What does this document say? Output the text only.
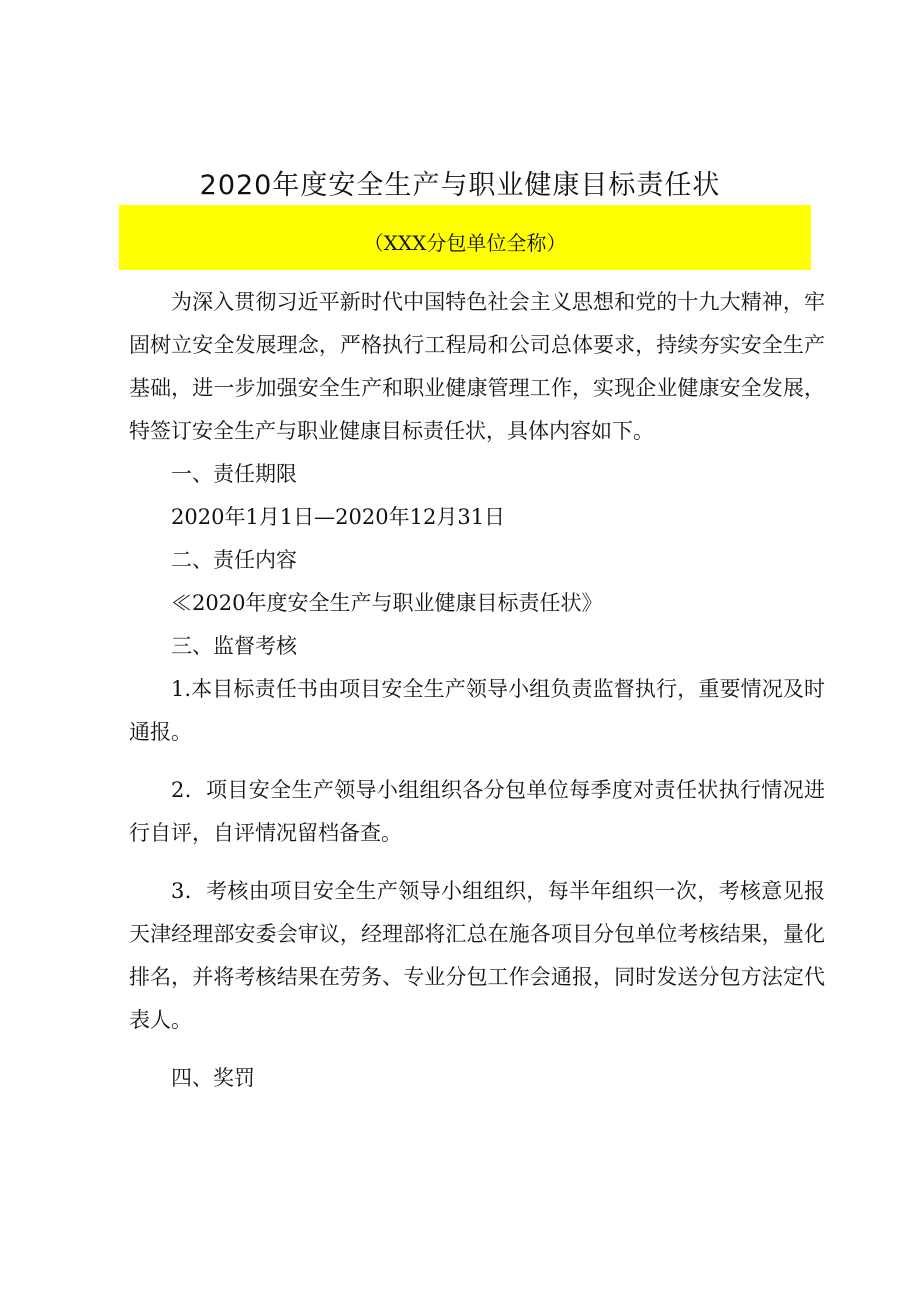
2020年度安全生产与职业健康目标责任状
（XXX分包单位全称）

为深入贯彻习近平新时代中国特色社会主义思想和党的十九大精神，牢固树立安全发展理念，严格执行工程局和公司总体要求，持续夯实安全生产基础，进一步加强安全生产和职业健康管理工作，实现企业健康安全发展，特签订安全生产与职业健康目标责任状，具体内容如下。

一、责任期限

2020年1月1日—2020年12月31日

二、责任内容

≪2020年度安全生产与职业健康目标责任状》

三、监督考核

1.本目标责任书由项目安全生产领导小组负责监督执行，重要情况及时通报。

2．项目安全生产领导小组组织各分包单位每季度对责任状执行情况进行自评，自评情况留档备查。

3．考核由项目安全生产领导小组组织，每半年组织一次，考核意见报天津经理部安委会审议，经理部将汇总在施各项目分包单位考核结果，量化排名，并将考核结果在劳务、专业分包工作会通报，同时发送分包方法定代表人。

四、奖罚
